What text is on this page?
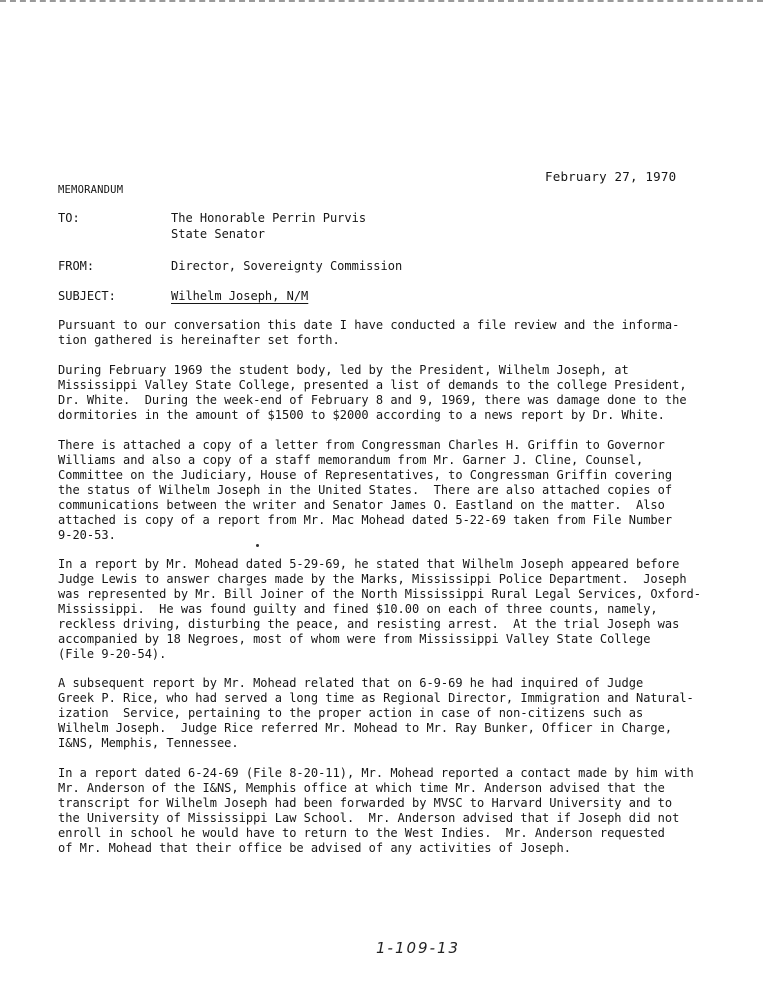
February 27, 1970
MEMORANDUM
TO:	The Honorable Perrin Purvis
State Senator
FROM:	Director, Sovereignty Commission
SUBJECT:	Wilhelm Joseph, N/M

Pursuant to our conversation this date I have conducted a file review and the informa-
tion gathered is hereinafter set forth.

During February 1969 the student body, led by the President, Wilhelm Joseph, at
Mississippi Valley State College, presented a list of demands to the college President,
Dr. White.  During the week-end of February 8 and 9, 1969, there was damage done to the
dormitories in the amount of $1500 to $2000 according to a news report by Dr. White.

There is attached a copy of a letter from Congressman Charles H. Griffin to Governor
Williams and also a copy of a staff memorandum from Mr. Garner J. Cline, Counsel,
Committee on the Judiciary, House of Representatives, to Congressman Griffin covering
the status of Wilhelm Joseph in the United States.  There are also attached copies of
communications between the writer and Senator James O. Eastland on the matter.  Also
attached is copy of a report from Mr. Mac Mohead dated 5-22-69 taken from File Number
9-20-53.

In a report by Mr. Mohead dated 5-29-69, he stated that Wilhelm Joseph appeared before
Judge Lewis to answer charges made by the Marks, Mississippi Police Department.  Joseph
was represented by Mr. Bill Joiner of the North Mississippi Rural Legal Services, Oxford-
Mississippi.  He was found guilty and fined $10.00 on each of three counts, namely,
reckless driving, disturbing the peace, and resisting arrest.  At the trial Joseph was
accompanied by 18 Negroes, most of whom were from Mississippi Valley State College
(File 9-20-54).

A subsequent report by Mr. Mohead related that on 6-9-69 he had inquired of Judge
Greek P. Rice, who had served a long time as Regional Director, Immigration and Natural-
ization  Service, pertaining to the proper action in case of non-citizens such as
Wilhelm Joseph.  Judge Rice referred Mr. Mohead to Mr. Ray Bunker, Officer in Charge,
I&NS, Memphis, Tennessee.

In a report dated 6-24-69 (File 8-20-11), Mr. Mohead reported a contact made by him with
Mr. Anderson of the I&NS, Memphis office at which time Mr. Anderson advised that the
transcript for Wilhelm Joseph had been forwarded by MVSC to Harvard University and to
the University of Mississippi Law School.  Mr. Anderson advised that if Joseph did not
enroll in school he would have to return to the West Indies.  Mr. Anderson requested
of Mr. Mohead that their office be advised of any activities of Joseph.

1-109-13
